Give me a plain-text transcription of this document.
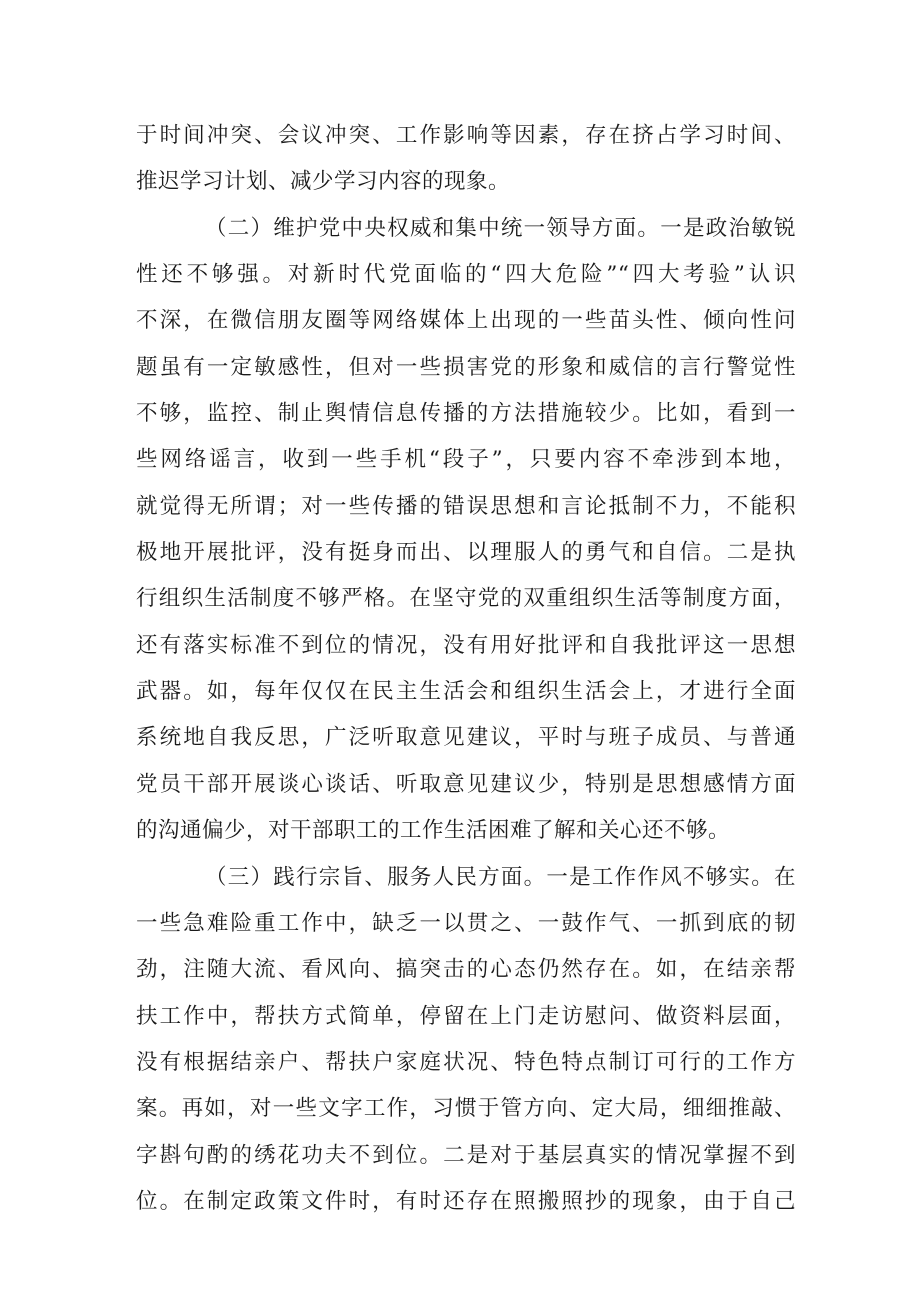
于时间冲突、会议冲突、工作影响等因素，存在挤占学习时间、
推迟学习计划、减少学习内容的现象。
（二）维护党中央权威和集中统一领导方面。一是政治敏锐
性还不够强。对新时代党面临的“四大危险”“四大考验”认识
不深，在微信朋友圈等网络媒体上出现的一些苗头性、倾向性问
题虽有一定敏感性，但对一些损害党的形象和威信的言行警觉性
不够，监控、制止舆情信息传播的方法措施较少。比如，看到一
些网络谣言，收到一些手机“段子”，只要内容不牵涉到本地，
就觉得无所谓；对一些传播的错误思想和言论抵制不力，不能积
极地开展批评，没有挺身而出、以理服人的勇气和自信。二是执
行组织生活制度不够严格。在坚守党的双重组织生活等制度方面，
还有落实标准不到位的情况，没有用好批评和自我批评这一思想
武器。如，每年仅仅在民主生活会和组织生活会上，才进行全面
系统地自我反思，广泛听取意见建议，平时与班子成员、与普通
党员干部开展谈心谈话、听取意见建议少，特别是思想感情方面
的沟通偏少，对干部职工的工作生活困难了解和关心还不够。
（三）践行宗旨、服务人民方面。一是工作作风不够实。在
一些急难险重工作中，缺乏一以贯之、一鼓作气、一抓到底的韧
劲，注随大流、看风向、搞突击的心态仍然存在。如，在结亲帮
扶工作中，帮扶方式简单，停留在上门走访慰问、做资料层面，
没有根据结亲户、帮扶户家庭状况、特色特点制订可行的工作方
案。再如，对一些文字工作，习惯于管方向、定大局，细细推敲、
字斟句酌的绣花功夫不到位。二是对于基层真实的情况掌握不到
位。在制定政策文件时，有时还存在照搬照抄的现象，由于自己
